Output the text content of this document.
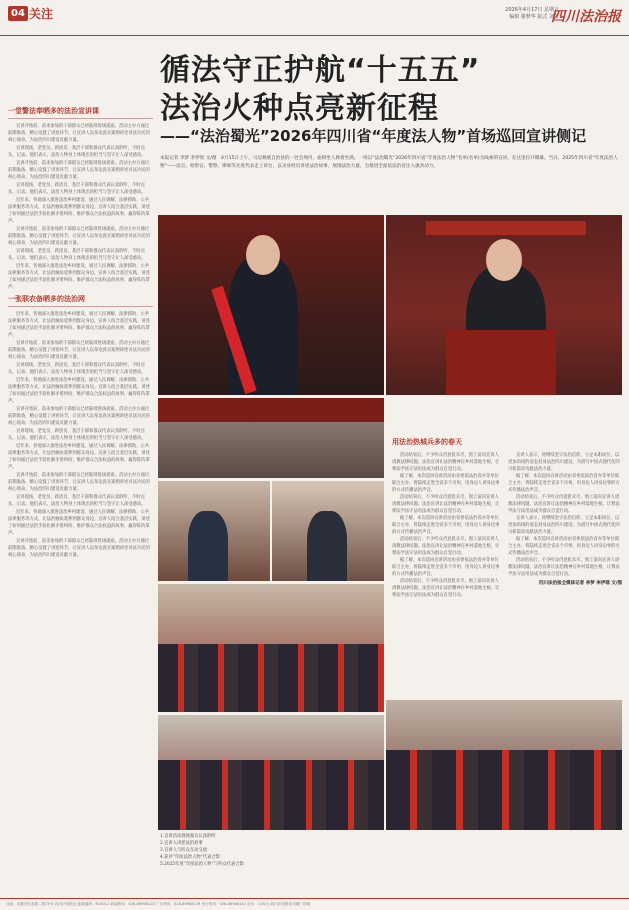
04 关注	2026年4月17日 星期五
编辑 谢梦华 版式 刘芳
四川法治报
循法守正护航“十五五”
法治火种点亮新征程
——“法治蜀光”2026年四川省“年度法人物”首场巡回宣讲侧记
一堂警法奉晒多的法治宣讲课

宣讲开始前，前来参加的干部群众已经陆续进场就座。活动主办方通过前期准备，精心设置了讲述环节，让宣讲人以身边真实案例讲述司法为民的初心使命，为法治四川建设贡献力量。

宣讲现场，老党员、新团员、基层干部和群众代表认真聆听，不时点头、记录。他们表示，法治人物身上体现出的担当与坚守让人深受感动。

宣讲开始前，前来参加的干部群众已经陆续进场就座。活动主办方通过前期准备，精心设置了讲述环节，让宣讲人以身边真实案例讲述司法为民的初心使命，为法治四川建设贡献力量。

宣讲现场，老党员、新团员、基层干部和群众代表认真聆听，不时点头、记录。他们表示，法治人物身上体现出的担当与坚守让人深受感动。

近年来，各地深入推进法治乡村建设，通过人民调解、法律援助、公共法律服务等方式，让法治触角延伸到群众身边。宣讲人结合基层实践，讲述了如何通过法治手段化解矛盾纠纷、维护群众合法权益的故事，赢得阵阵掌声。

宣讲开始前，前来参加的干部群众已经陆续进场就座。活动主办方通过前期准备，精心设置了讲述环节，让宣讲人以身边真实案例讲述司法为民的初心使命，为法治四川建设贡献力量。

宣讲现场，老党员、新团员、基层干部和群众代表认真聆听，不时点头、记录。他们表示，法治人物身上体现出的担当与坚守让人深受感动。

近年来，各地深入推进法治乡村建设，通过人民调解、法律援助、公共法律服务等方式，让法治触角延伸到群众身边。宣讲人结合基层实践，讲述了如何通过法治手段化解矛盾纠纷、维护群众合法权益的故事，赢得阵阵掌声。

一张联农备晒多的法治网

近年来，各地深入推进法治乡村建设，通过人民调解、法律援助、公共法律服务等方式，让法治触角延伸到群众身边。宣讲人结合基层实践，讲述了如何通过法治手段化解矛盾纠纷、维护群众合法权益的故事，赢得阵阵掌声。

宣讲开始前，前来参加的干部群众已经陆续进场就座。活动主办方通过前期准备，精心设置了讲述环节，让宣讲人以身边真实案例讲述司法为民的初心使命，为法治四川建设贡献力量。

宣讲现场，老党员、新团员、基层干部和群众代表认真聆听，不时点头、记录。他们表示，法治人物身上体现出的担当与坚守让人深受感动。

近年来，各地深入推进法治乡村建设，通过人民调解、法律援助、公共法律服务等方式，让法治触角延伸到群众身边。宣讲人结合基层实践，讲述了如何通过法治手段化解矛盾纠纷、维护群众合法权益的故事，赢得阵阵掌声。

宣讲开始前，前来参加的干部群众已经陆续进场就座。活动主办方通过前期准备，精心设置了讲述环节，让宣讲人以身边真实案例讲述司法为民的初心使命，为法治四川建设贡献力量。

宣讲现场，老党员、新团员、基层干部和群众代表认真聆听，不时点头、记录。他们表示，法治人物身上体现出的担当与坚守让人深受感动。

近年来，各地深入推进法治乡村建设，通过人民调解、法律援助、公共法律服务等方式，让法治触角延伸到群众身边。宣讲人结合基层实践，讲述了如何通过法治手段化解矛盾纠纷、维护群众合法权益的故事，赢得阵阵掌声。

宣讲开始前，前来参加的干部群众已经陆续进场就座。活动主办方通过前期准备，精心设置了讲述环节，让宣讲人以身边真实案例讲述司法为民的初心使命，为法治四川建设贡献力量。

宣讲现场，老党员、新团员、基层干部和群众代表认真聆听，不时点头、记录。他们表示，法治人物身上体现出的担当与坚守让人深受感动。

近年来，各地深入推进法治乡村建设，通过人民调解、法律援助、公共法律服务等方式，让法治触角延伸到群众身边。宣讲人结合基层实践，讲述了如何通过法治手段化解矛盾纠纷、维护群众合法权益的故事，赢得阵阵掌声。

宣讲开始前，前来参加的干部群众已经陆续进场就座。活动主办方通过前期准备，精心设置了讲述环节，让宣讲人以身边真实案例讲述司法为民的初心使命，为法治四川建设贡献力量。

本报记者 李梦 李伊瑶 文/图　4月15日上午，马边彝族自治县的一处会场内，座椅坐人挨着坐满。一场以“法治蜀光”2026年四川省“年度法治人物”名单(名单)为线索的宣讲，在这里拉开帷幕。当日，2025年四川省“年度法治人物”——法官、检察官、警察、律师等先进代表走上讲台，以亲身经历讲述法治故事，展现法治力量，为推进全面依法治省注入强劲动力。
用法治热城兵多的春天

活动结束后，不少听众仍意犹未尽，围上前向宣讲人请教法律问题。法治宣讲让法治精神在乡村落地生根，让尊法学法守法用法成为群众自觉行动。

据了解，本次巡回宣讲活动由省委依法治省办等单位联合主办，将陆续走进全省多个市州，用身边人讲身边事的方式传播法治声音。

活动结束后，不少听众仍意犹未尽，围上前向宣讲人请教法律问题。法治宣讲让法治精神在乡村落地生根，让尊法学法守法用法成为群众自觉行动。

据了解，本次巡回宣讲活动由省委依法治省办等单位联合主办，将陆续走进全省多个市州，用身边人讲身边事的方式传播法治声音。

活动结束后，不少听众仍意犹未尽，围上前向宣讲人请教法律问题。法治宣讲让法治精神在乡村落地生根，让尊法学法守法用法成为群众自觉行动。

据了解，本次巡回宣讲活动由省委依法治省办等单位联合主办，将陆续走进全省多个市州，用身边人讲身边事的方式传播法治声音。

活动结束后，不少听众仍意犹未尽，围上前向宣讲人请教法律问题。法治宣讲让法治精神在乡村落地生根，让尊法学法守法用法成为群众自觉行动。

宣讲人表示，将继续坚守法治信仰，立足本职岗位，以更加昂扬的姿态投身法治四川建设，为谱写中国式现代化四川新篇章贡献法治力量。

据了解，本次巡回宣讲活动由省委依法治省办等单位联合主办，将陆续走进全省多个市州，用身边人讲身边事的方式传播法治声音。

活动结束后，不少听众仍意犹未尽，围上前向宣讲人请教法律问题。法治宣讲让法治精神在乡村落地生根，让尊法学法守法用法成为群众自觉行动。

宣讲人表示，将继续坚守法治信仰，立足本职岗位，以更加昂扬的姿态投身法治四川建设，为谱写中国式现代化四川新篇章贡献法治力量。

据了解，本次巡回宣讲活动由省委依法治省办等单位联合主办，将陆续走进全省多个市州，用身边人讲身边事的方式传播法治声音。

活动结束后，不少听众仍意犹未尽，围上前向宣讲人请教法律问题。法治宣讲让法治精神在乡村落地生根，让尊法学法守法用法成为群众自觉行动。

四川法治报全媒体记者 李梦 李伊瑶 文/图
1.宣讲活动现场观众认真聆听
2.宣讲人讲述法治故事
3.宣讲人与听众互动交流
4.获评“年度法治人物”代表合影
5.2025年度“年度法治人物”与听众代表合影
社址：成都市红星路二段70号 四川法治报社 邮政编码：610012 新闻热线：028-86968123 广告热线：028-86968139 发行热线：028-86968142 定价：1.50元 四川法治报社印刷厂印刷
